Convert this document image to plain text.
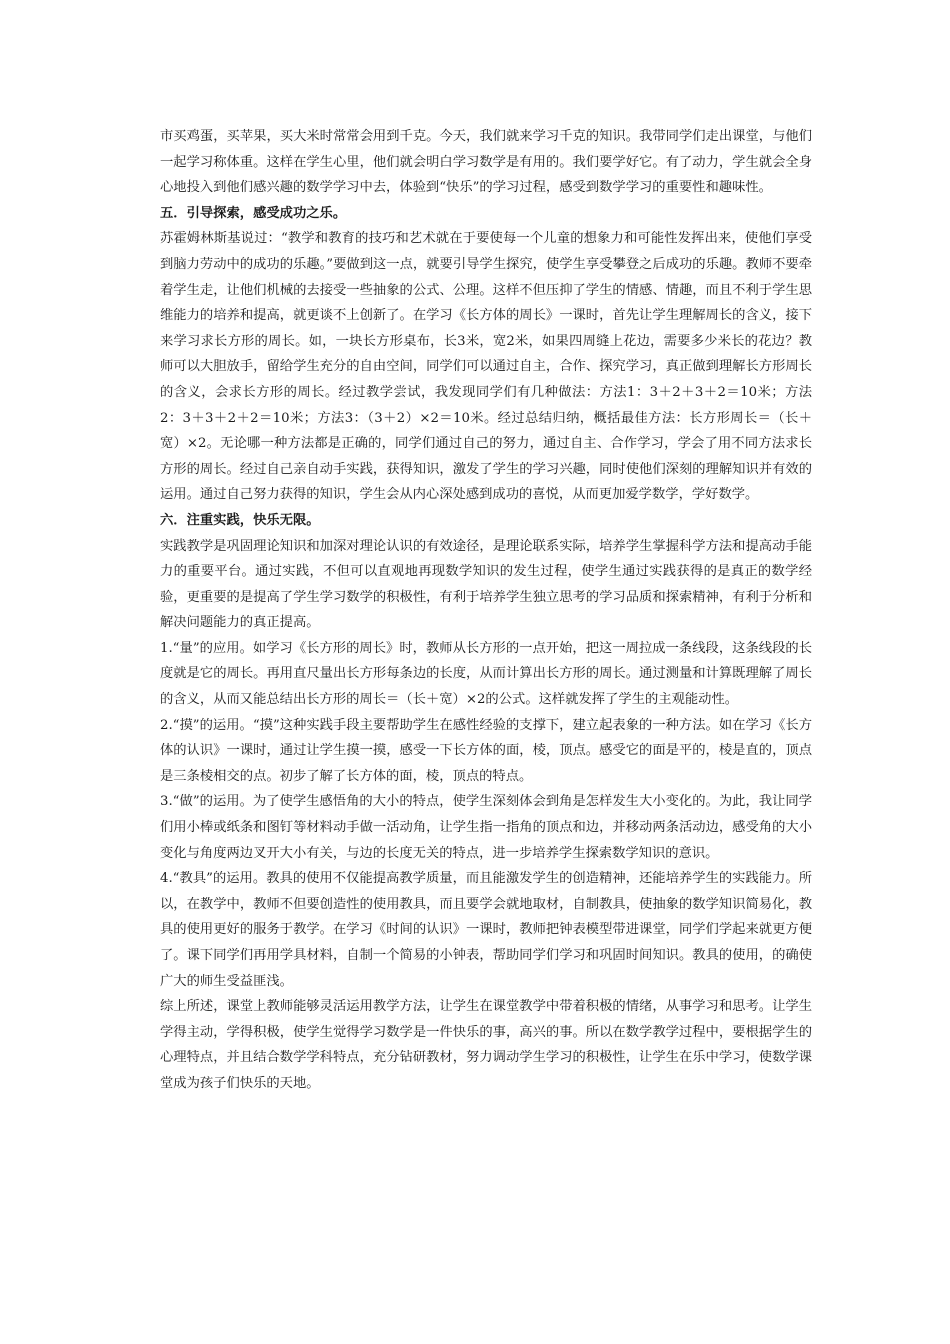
市买鸡蛋，买苹果，买大米时常常会用到千克。今天，我们就来学习千克的知识。我带同学们走出课堂，与他们一起学习称体重。这样在学生心里，他们就会明白学习数学是有用的。我们要学好它。有了动力，学生就会全身心地投入到他们感兴趣的数学学习中去，体验到“快乐”的学习过程，感受到数学学习的重要性和趣味性。

五．引导探索，感受成功之乐。

苏霍姆林斯基说过：“教学和教育的技巧和艺术就在于要使每一个儿童的想象力和可能性发挥出来，使他们享受到脑力劳动中的成功的乐趣。”要做到这一点，就要引导学生探究，使学生享受攀登之后成功的乐趣。教师不要牵着学生走，让他们机械的去接受一些抽象的公式、公理。这样不但压抑了学生的情感、情趣，而且不利于学生思维能力的培养和提高，就更谈不上创新了。在学习《长方体的周长》一课时，首先让学生理解周长的含义，接下来学习求长方形的周长。如，一块长方形桌布，长3米，宽2米，如果四周缝上花边，需要多少米长的花边？教师可以大胆放手，留给学生充分的自由空间，同学们可以通过自主，合作、探究学习，真正做到理解长方形周长的含义，会求长方形的周长。经过教学尝试，我发现同学们有几种做法：方法1：3＋2＋3＋2＝10米；方法2：3＋3＋2＋2＝10米；方法3：（3＋2）×2＝10米。经过总结归纳，概括最佳方法：长方形周长＝（长＋宽）×2。无论哪一种方法都是正确的，同学们通过自己的努力，通过自主、合作学习，学会了用不同方法求长方形的周长。经过自己亲自动手实践，获得知识，激发了学生的学习兴趣，同时使他们深刻的理解知识并有效的运用。通过自己努力获得的知识，学生会从内心深处感到成功的喜悦，从而更加爱学数学，学好数学。

六．注重实践，快乐无限。

实践教学是巩固理论知识和加深对理论认识的有效途径，是理论联系实际，培养学生掌握科学方法和提高动手能力的重要平台。通过实践，不但可以直观地再现数学知识的发生过程，使学生通过实践获得的是真正的数学经验，更重要的是提高了学生学习数学的积极性，有利于培养学生独立思考的学习品质和探索精神，有利于分析和解决问题能力的真正提高。

1.“量”的应用。如学习《长方形的周长》时，教师从长方形的一点开始，把这一周拉成一条线段，这条线段的长度就是它的周长。再用直尺量出长方形每条边的长度，从而计算出长方形的周长。通过测量和计算既理解了周长的含义，从而又能总结出长方形的周长＝（长＋宽）×2的公式。这样就发挥了学生的主观能动性。

2.“摸”的运用。“摸”这种实践手段主要帮助学生在感性经验的支撑下，建立起表象的一种方法。如在学习《长方体的认识》一课时，通过让学生摸一摸，感受一下长方体的面，棱，顶点。感受它的面是平的，棱是直的，顶点是三条棱相交的点。初步了解了长方体的面，棱，顶点的特点。

3.“做”的运用。为了使学生感悟角的大小的特点，使学生深刻体会到角是怎样发生大小变化的。为此，我让同学们用小棒或纸条和图钉等材料动手做一活动角，让学生指一指角的顶点和边，并移动两条活动边，感受角的大小变化与角度两边叉开大小有关，与边的长度无关的特点，进一步培养学生探索数学知识的意识。

4.“教具”的运用。教具的使用不仅能提高教学质量，而且能激发学生的创造精神，还能培养学生的实践能力。所以，在教学中，教师不但要创造性的使用教具，而且要学会就地取材，自制教具，使抽象的数学知识简易化，教具的使用更好的服务于教学。在学习《时间的认识》一课时，教师把钟表模型带进课堂，同学们学起来就更方便了。课下同学们再用学具材料，自制一个简易的小钟表，帮助同学们学习和巩固时间知识。教具的使用，的确使广大的师生受益匪浅。

综上所述，课堂上教师能够灵活运用教学方法，让学生在课堂教学中带着积极的情绪，从事学习和思考。让学生学得主动，学得积极，使学生觉得学习数学是一件快乐的事，高兴的事。所以在数学教学过程中，要根据学生的心理特点，并且结合数学学科特点，充分钻研教材，努力调动学生学习的积极性，让学生在乐中学习，使数学课堂成为孩子们快乐的天地。
